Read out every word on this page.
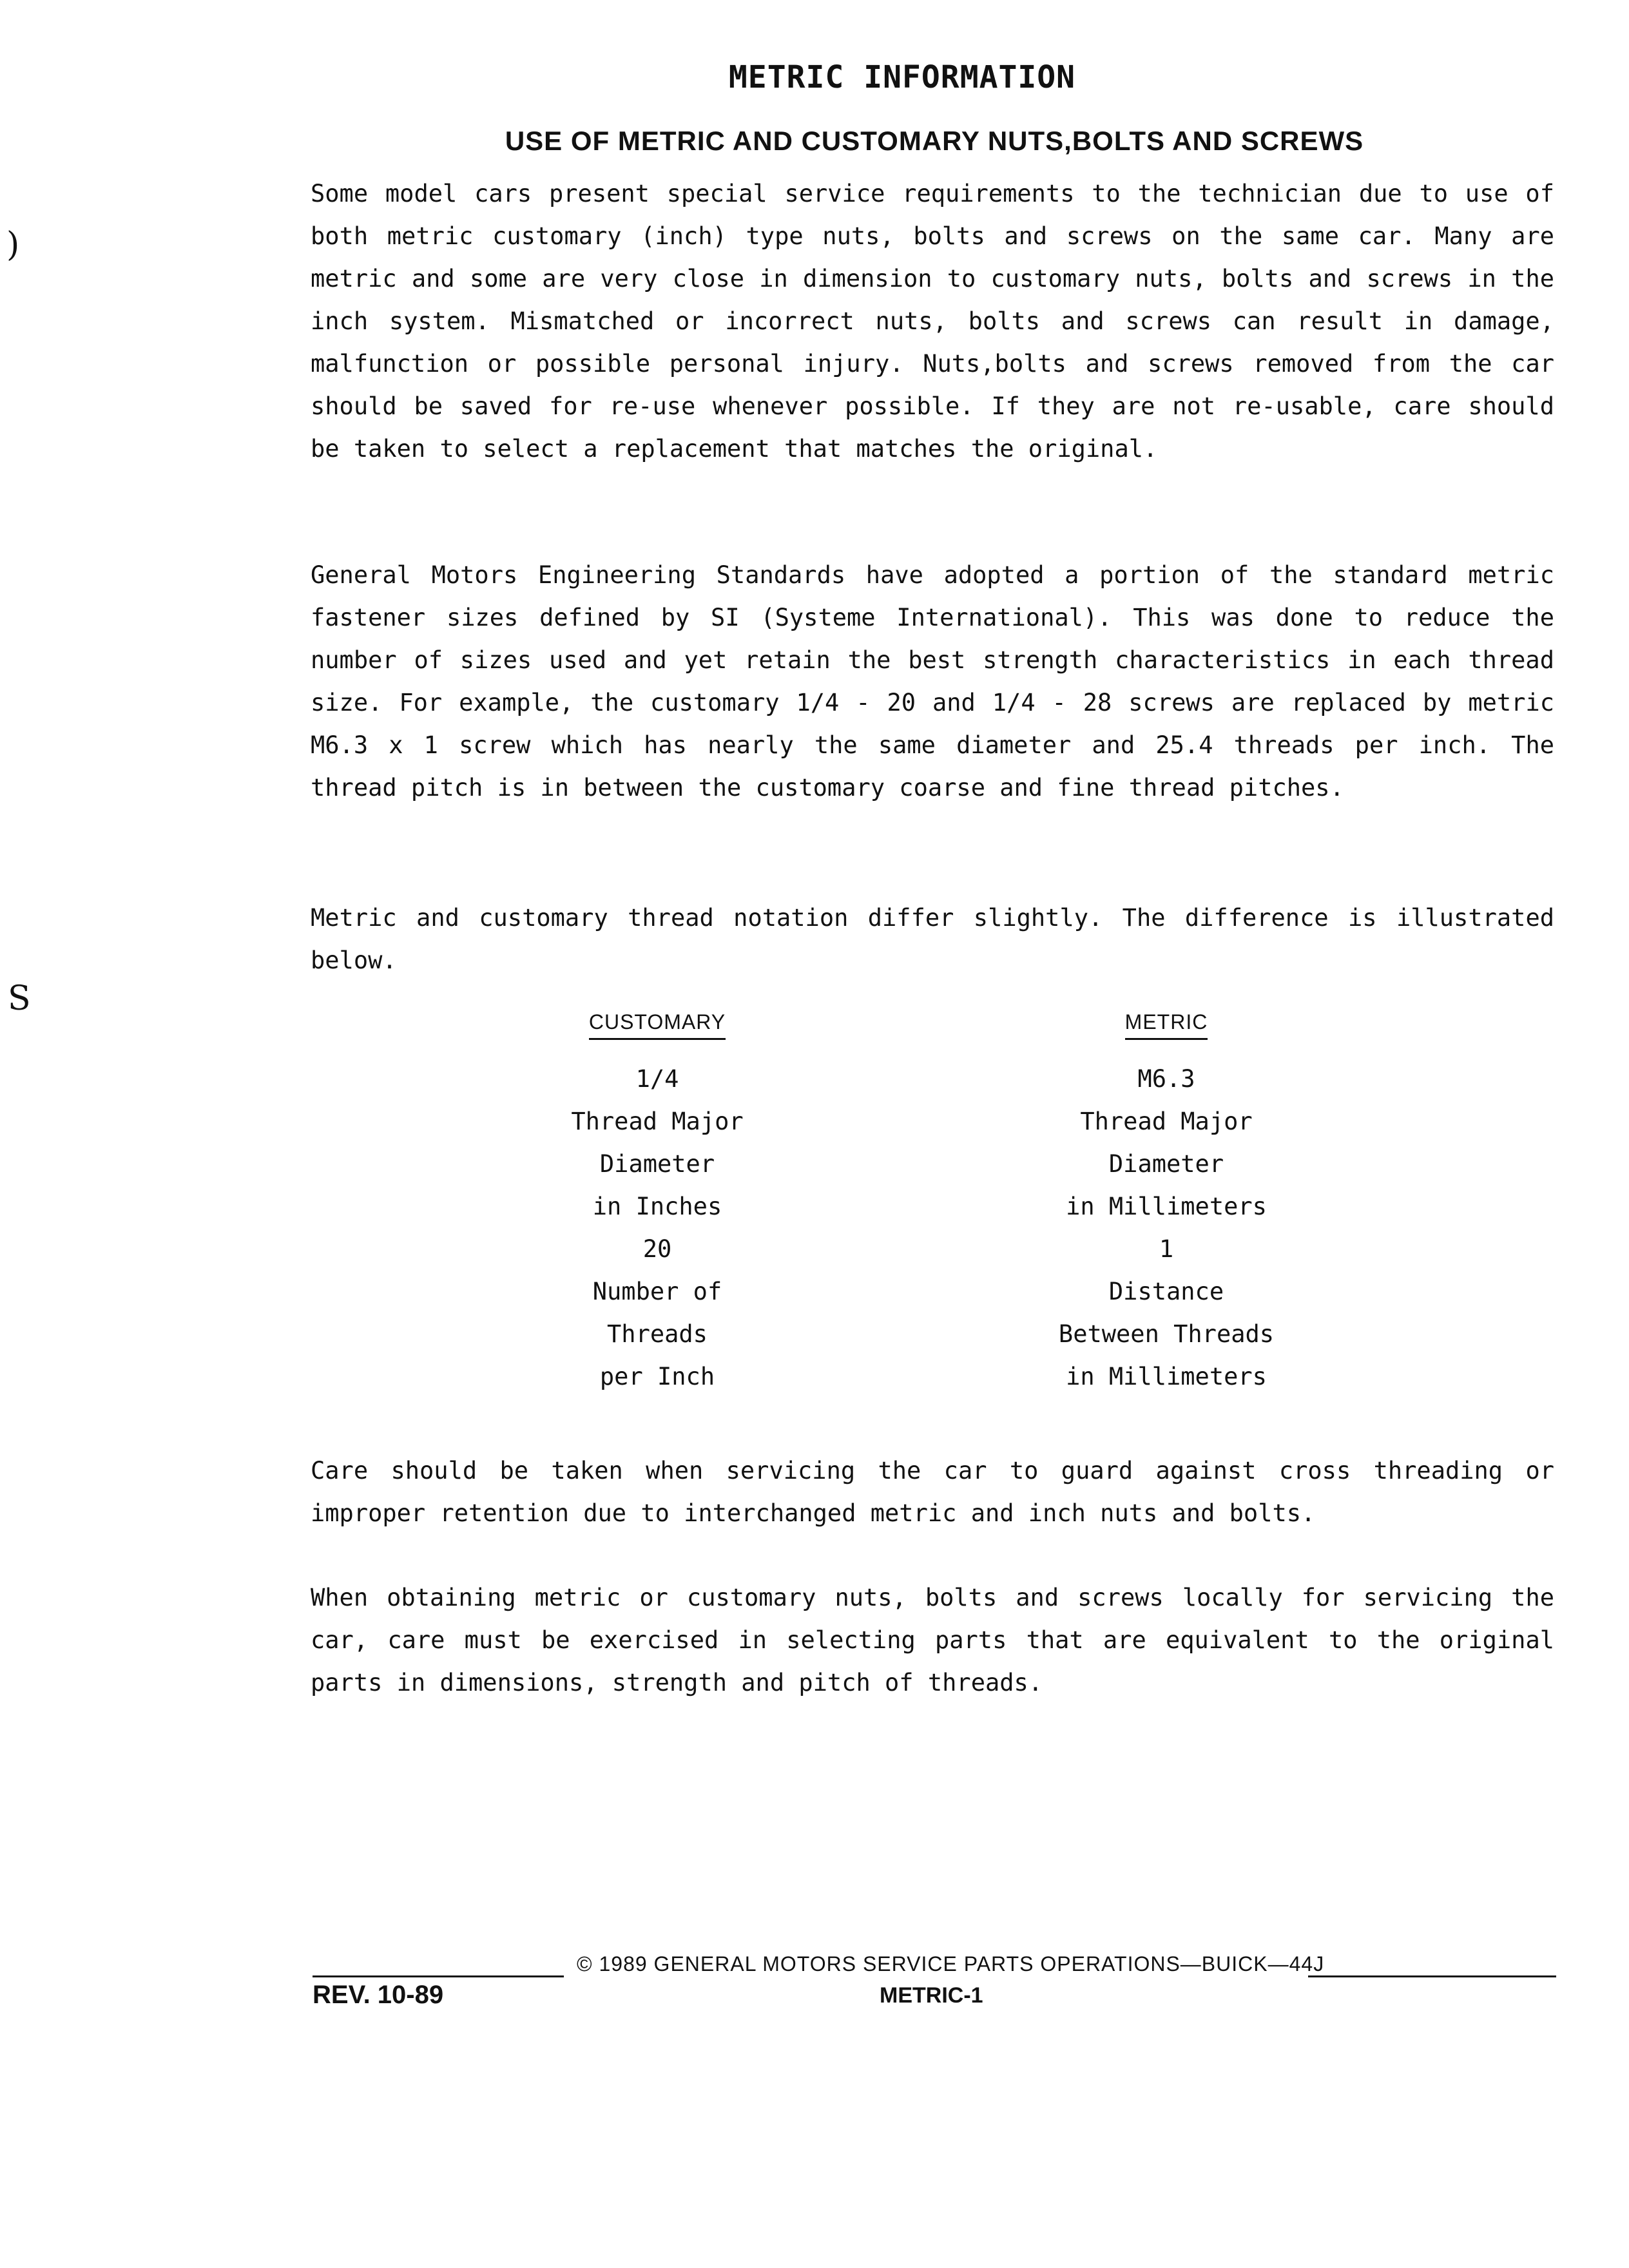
)
S
METRIC INFORMATION
USE OF METRIC AND CUSTOMARY NUTS,BOLTS AND SCREWS

Some model cars present special service requirements to the technician due to use of both metric customary (inch) type nuts, bolts and screws on the same car. Many are metric and some are very close in dimension to customary nuts, bolts and screws in the inch system. Mismatched or incorrect nuts, bolts and screws can result in damage, malfunction or possible personal injury. Nuts,bolts and screws removed from the car should be saved for re-use whenever possible. If they are not re-usable, care should be taken to select a replacement that matches the original.

General Motors Engineering Standards have adopted a portion of the standard metric fastener sizes defined by SI (Systeme International). This was done to reduce the number of sizes used and yet retain the best strength characteristics in each thread size. For example, the customary 1/4 - 20 and 1/4 - 28 screws are replaced by metric M6.3 x 1 screw which has nearly the same diameter and 25.4 threads per inch. The thread pitch is in between the customary coarse and fine thread pitches.

Metric and customary thread notation differ slightly. The difference is illustrated below.

CUSTOMARY
1/4
Thread Major
Diameter
in Inches
20
Number of
Threads
per Inch
METRIC
M6.3
Thread Major
Diameter
in Millimeters
1
Distance
Between Threads
in Millimeters

Care should be taken when servicing the car to guard against cross threading or improper retention due to interchanged metric and inch nuts and bolts.

When obtaining metric or customary nuts, bolts and screws locally for servicing the car, care must be exercised in selecting parts that are equivalent to the original parts in dimensions, strength and pitch of threads.

© 1989 GENERAL MOTORS SERVICE PARTS OPERATIONS—BUICK—44J
REV. 10-89	METRIC-1
